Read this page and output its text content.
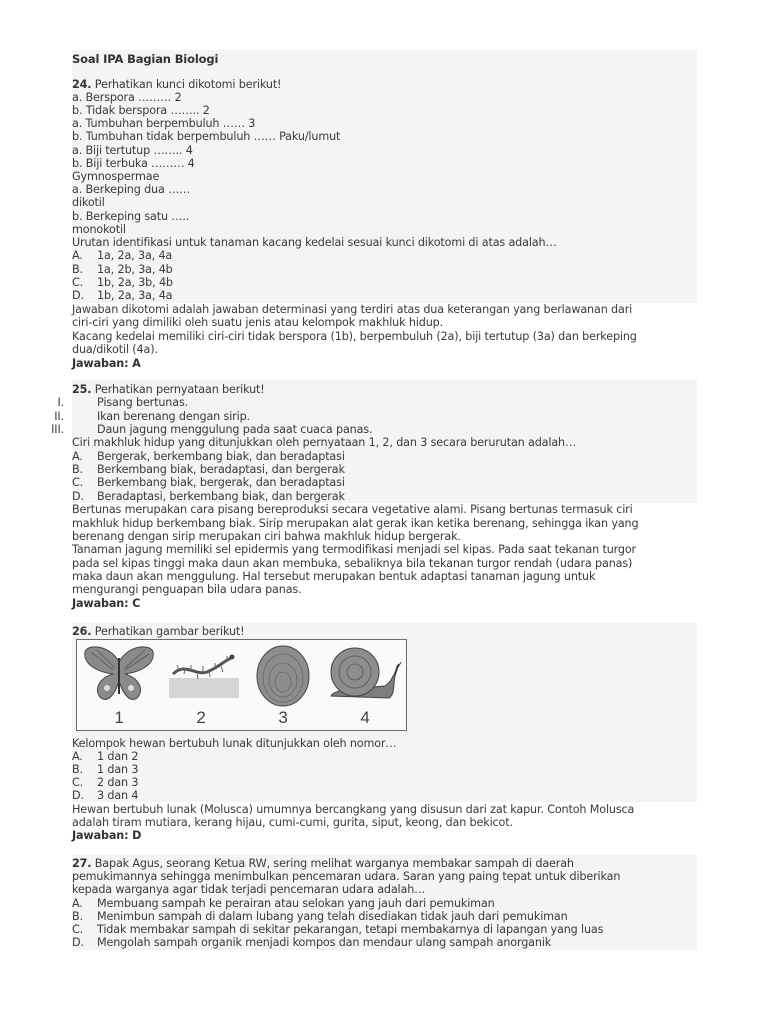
Soal IPA Bagian Biologi
24. Perhatikan kunci dikotomi berikut!
a. Berspora ……… 2
b. Tidak berspora …….. 2
a. Tumbuhan berpembuluh …… 3
b. Tumbuhan tidak berpembuluh …… Paku/lumut
a. Biji tertutup …….. 4
b. Biji terbuka ……… 4
Gymnospermae
a. Berkeping dua ……
dikotil
b. Berkeping satu …..
monokotil
Urutan identifikasi untuk tanaman kacang kedelai sesuai kunci dikotomi di atas adalah…
A. 1a, 2a, 3a, 4a
B. 1a, 2b, 3a, 4b
C. 1b, 2a, 3b, 4b
D. 1b, 2a, 3a, 4a
Jawaban dikotomi adalah jawaban determinasi yang terdiri atas dua keterangan yang berlawanan dari
ciri-ciri yang dimiliki oleh suatu jenis atau kelompok makhluk hidup.
Kacang kedelai memiliki ciri-ciri tidak berspora (1b), berpembuluh (2a), biji tertutup (3a) dan berkeping
dua/dikotil (4a).
Jawaban: A
25. Perhatikan pernyataan berikut!
I.	Pisang bertunas.
II.	Ikan berenang dengan sirip.
III.	Daun jagung menggulung pada saat cuaca panas.
Ciri makhluk hidup yang ditunjukkan oleh pernyataan 1, 2, dan 3 secara berurutan adalah…
A. Bergerak, berkembang biak, dan beradaptasi
B. Berkembang biak, beradaptasi, dan bergerak
C. Berkembang biak, bergerak, dan beradaptasi
D. Beradaptasi, berkembang biak, dan bergerak
Bertunas merupakan cara pisang bereproduksi secara vegetative alami. Pisang bertunas termasuk ciri
makhluk hidup berkembang biak. Sirip merupakan alat gerak ikan ketika berenang, sehingga ikan yang
berenang dengan sirip merupakan ciri bahwa makhluk hidup bergerak.
Tanaman jagung memiliki sel epidermis yang termodifikasi menjadi sel kipas. Pada saat tekanan turgor
pada sel kipas tinggi maka daun akan membuka, sebaliknya bila tekanan turgor rendah (udara panas)
maka daun akan menggulung. Hal tersebut merupakan bentuk adaptasi tanaman jagung untuk
mengurangi penguapan bila udara panas.
Jawaban: C
26. Perhatikan gambar berikut!
1	2	3	4
Kelompok hewan bertubuh lunak ditunjukkan oleh nomor…
A. 1 dan 2
B. 1 dan 3
C. 2 dan 3
D. 3 dan 4
Hewan bertubuh lunak (Molusca) umumnya bercangkang yang disusun dari zat kapur. Contoh Molusca
adalah tiram mutiara, kerang hijau, cumi-cumi, gurita, siput, keong, dan bekicot.
Jawaban: D
27. Bapak Agus, seorang Ketua RW, sering melihat warganya membakar sampah di daerah
pemukimannya sehingga menimbulkan pencemaran udara. Saran yang paing tepat untuk diberikan
kepada warganya agar tidak terjadi pencemaran udara adalah…
A. Membuang sampah ke perairan atau selokan yang jauh dari pemukiman
B. Menimbun sampah di dalam lubang yang telah disediakan tidak jauh dari pemukiman
C. Tidak membakar sampah di sekitar pekarangan, tetapi membakarnya di lapangan yang luas
D. Mengolah sampah organik menjadi kompos dan mendaur ulang sampah anorganik
